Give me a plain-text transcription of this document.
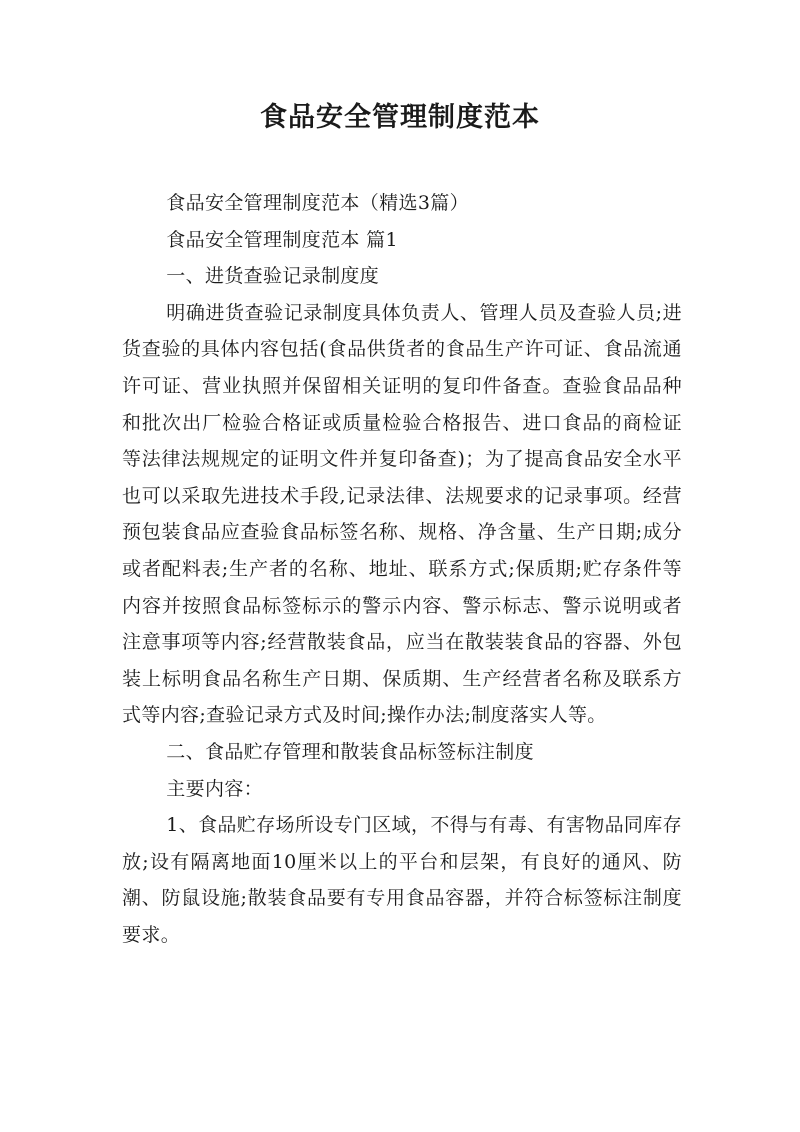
食品安全管理制度范本

食品安全管理制度范本（精选3篇）

食品安全管理制度范本 篇1

一、进货查验记录制度度

明确进货查验记录制度具体负责人、管理人员及查验人员;进货查验的具体内容包括(食品供货者的食品生产许可证、食品流通许可证、营业执照并保留相关证明的复印件备查。查验食品品种和批次出厂检验合格证或质量检验合格报告、进口食品的商检证等法律法规规定的证明文件并复印备查)；为了提高食品安全水平也可以采取先进技术手段,记录法律、法规要求的记录事项。经营预包装食品应查验食品标签名称、规格、净含量、生产日期;成分或者配料表;生产者的名称、地址、联系方式;保质期;贮存条件等内容并按照食品标签标示的警示内容、警示标志、警示说明或者注意事项等内容;经营散装食品，应当在散装装食品的容器、外包装上标明食品名称生产日期、保质期、生产经营者名称及联系方式等内容;查验记录方式及时间;操作办法;制度落实人等。

二、食品贮存管理和散装食品标签标注制度

主要内容：

1、食品贮存场所设专门区域，不得与有毒、有害物品同库存放;设有隔离地面10厘米以上的平台和层架，有良好的通风、防潮、防鼠设施;散装食品要有专用食品容器，并符合标签标注制度要求。
